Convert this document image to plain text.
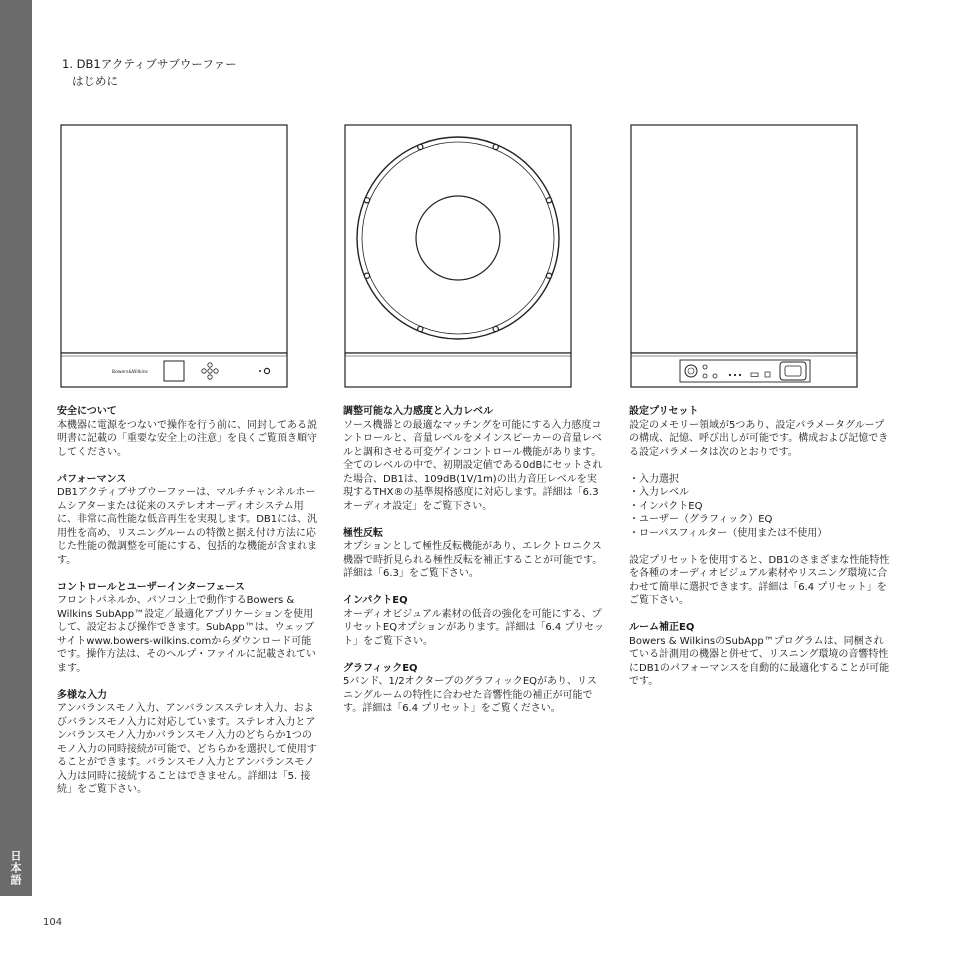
日本語
1. DB1アクティブサブウーファー
はじめに
Bowers&Wilkins
安全について

本機器に電源をつないで操作を行う前に、同封してある説明書に記載の「重要な安全上の注意」を良くご覧頂き順守してください。

パフォーマンス

DB1アクティブサブウーファーは、マルチチャンネルホームシアターまたは従来のステレオオーディオシステム用に、非常に高性能な低音再生を実現します。DB1には、汎用性を高め、リスニングルームの特徴と据え付け方法に応じた性能の微調整を可能にする、包括的な機能が含まれます。

コントロールとユーザーインターフェース

フロントパネルか、パソコン上で動作するBowers & Wilkins SubApp™設定／最適化アプリケーションを使用して、設定および操作できます。SubApp™は、ウェッブサイトwww.bowers-wilkins.comからダウンロード可能です。操作方法は、そのヘルプ・ファイルに記載されています。

多様な入力

アンバランスモノ入力、アンバランスステレオ入力、およびバランスモノ入力に対応しています。ステレオ入力とアンバランスモノ入力かバランスモノ入力のどちらか1つのモノ入力の同時接続が可能で、どちらかを選択して使用することができます。バランスモノ入力とアンバランスモノ入力は同時に接続することはできません。詳細は「5. 接続」をご覧下さい。

調整可能な入力感度と入力レベル

ソース機器との最適なマッチングを可能にする入力感度コントロールと、音量レベルをメインスピーカーの音量レベルと調和させる可変ゲインコントロール機能があります。全てのレベルの中で、初期設定値である0dBにセットされた場合、DB1は、109dB(1V/1m)の出力音圧レベルを実現するTHX®の基準規格感度に対応します。詳細は「6.3 オーディオ設定」をご覧下さい。

極性反転

オプションとして極性反転機能があり、エレクトロニクス機器で時折見られる極性反転を補正することが可能です。詳細は「6.3」をご覧下さい。

インパクトEQ

オーディオビジュアル素材の低音の強化を可能にする、プリセットEQオプションがあります。詳細は「6.4 プリセット」をご覧下さい。

グラフィックEQ

5バンド、1/2オクターブのグラフィックEQがあり、リスニングルームの特性に合わせた音響性能の補正が可能です。詳細は「6.4 プリセット」をご覧ください。

設定プリセット

設定のメモリー領域が5つあり、設定パラメータグループの構成、記憶、呼び出しが可能です。構成および記憶できる設定パラメータは次のとおりです。

・入力選択
・入力レベル
・インパクトEQ
・ユーザー（グラフィック）EQ
・ローパスフィルター（使用または不使用）

設定プリセットを使用すると、DB1のさまざまな性能特性を各種のオーディオビジュアル素材やリスニング環境に合わせて簡単に選択できます。詳細は「6.4 プリセット」をご覧下さい。

ルーム補正EQ

Bowers & WilkinsのSubApp™プログラムは、同梱されている計測用の機器と併せて、リスニング環境の音響特性にDB1のパフォーマンスを自動的に最適化することが可能です。

104
